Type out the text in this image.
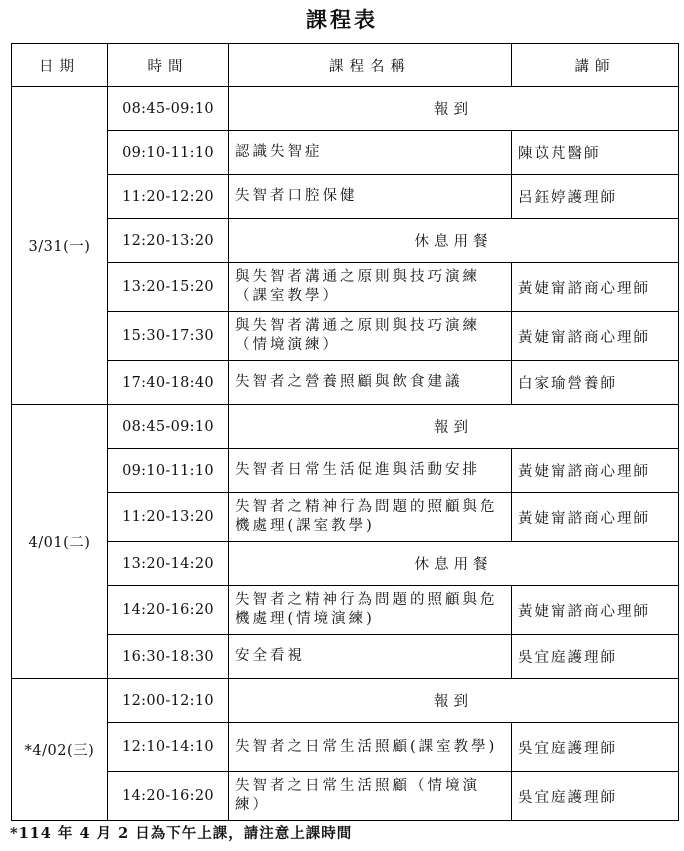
課程表
日期	時間	課程名稱	講師
3/31(一)	08:45-09:10	報到	
	09:10-11:10	認識失智症	陳苡芃醫師
	11:20-12:20	失智者口腔保健	呂鈺婷護理師
	12:20-13:20	休息用餐	
	13:20-15:20	與失智者溝通之原則與技巧演練（課室教學）	黃婕甯諮商心理師
	15:30-17:30	與失智者溝通之原則與技巧演練（情境演練）	黃婕甯諮商心理師
	17:40-18:40	失智者之營養照顧與飲食建議	白家瑜營養師
4/01(二)	08:45-09:10	報到	
	09:10-11:10	失智者日常生活促進與活動安排	黃婕甯諮商心理師
	11:20-13:20	失智者之精神行為問題的照顧與危機處理(課室教學)	黃婕甯諮商心理師
	13:20-14:20	休息用餐	
	14:20-16:20	失智者之精神行為問題的照顧與危機處理(情境演練)	黃婕甯諮商心理師
	16:30-18:30	安全看視	吳宜庭護理師
*4/02(三)	12:00-12:10	報到	
	12:10-14:10	失智者之日常生活照顧(課室教學)	吳宜庭護理師
	14:20-16:20	失智者之日常生活照顧（情境演練）	吳宜庭護理師
*114 年 4 月 2 日為下午上課，請注意上課時間
